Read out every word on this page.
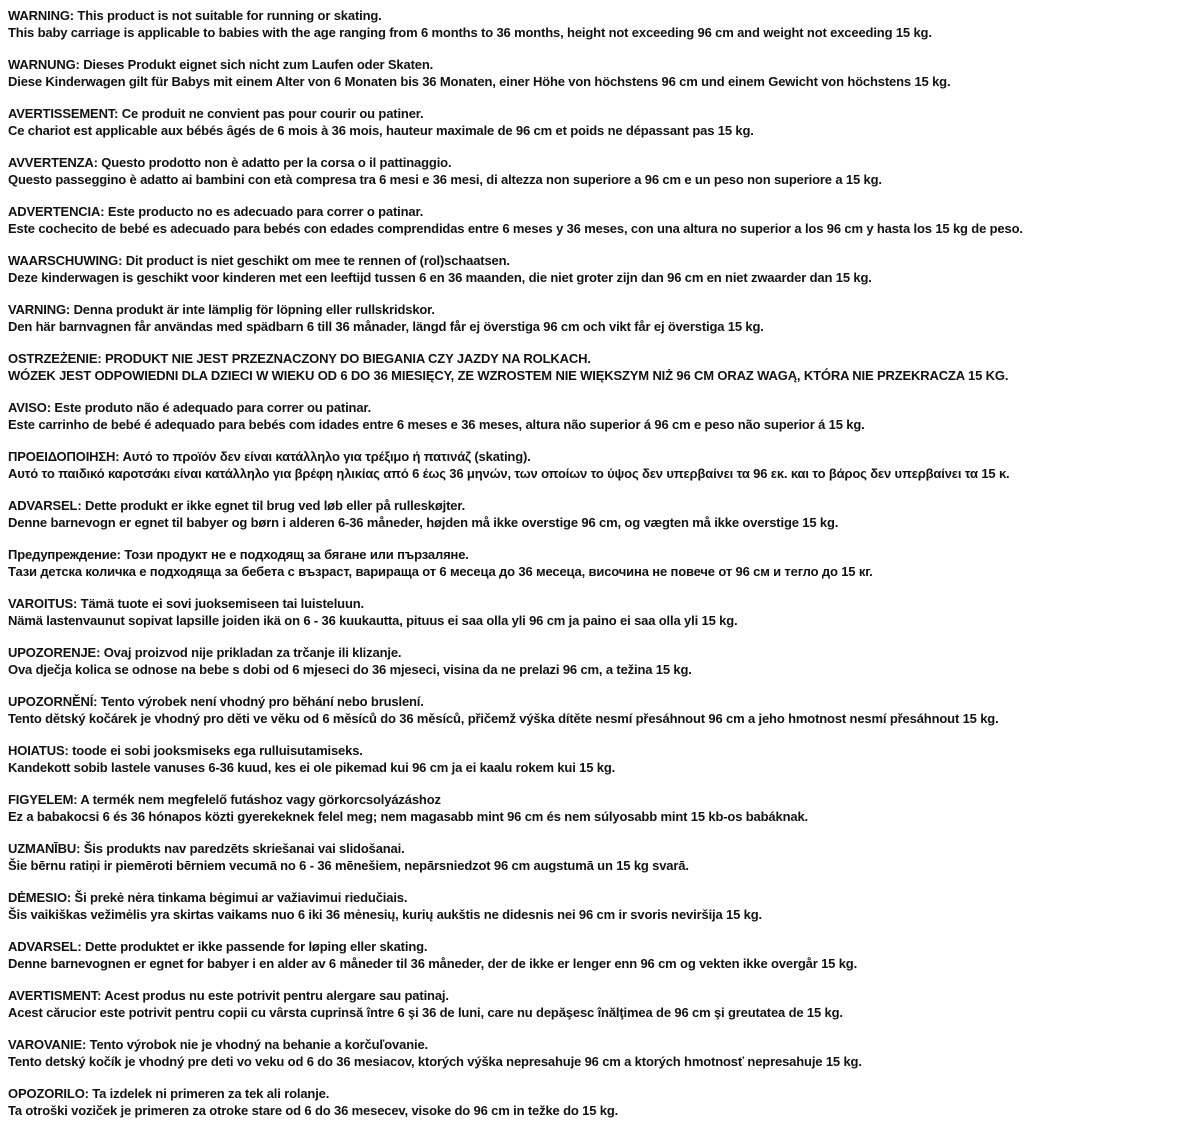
WARNING: This product is not suitable for running or skating.

This baby carriage is applicable to babies with the age ranging from 6 months to 36 months, height not exceeding 96 cm and weight not exceeding 15 kg.

WARNUNG: Dieses Produkt eignet sich nicht zum Laufen oder Skaten.

Diese Kinderwagen gilt für Babys mit einem Alter von 6 Monaten bis 36 Monaten, einer Höhe von höchstens 96 cm und einem Gewicht von höchstens 15 kg.

AVERTISSEMENT: Ce produit ne convient pas pour courir ou patiner.

Ce chariot est applicable aux bébés âgés de 6 mois à 36 mois, hauteur maximale de 96 cm et poids ne dépassant pas 15 kg.

AVVERTENZA: Questo prodotto non è adatto per la corsa o il pattinaggio.

Questo passeggino è adatto ai bambini con età compresa tra 6 mesi e 36 mesi, di altezza non superiore a 96 cm e un peso non superiore a 15 kg.

ADVERTENCIA: Este producto no es adecuado para correr o patinar.

Este cochecito de bebé es adecuado para bebés con edades comprendidas entre 6 meses y 36 meses, con una altura no superior a los 96 cm y hasta los 15 kg de peso.

WAARSCHUWING: Dit product is niet geschikt om mee te rennen of (rol)schaatsen.

Deze kinderwagen is geschikt voor kinderen met een leeftijd tussen 6 en 36 maanden, die niet groter zijn dan 96 cm en niet zwaarder dan 15 kg.

VARNING: Denna produkt är inte lämplig för löpning eller rullskridskor.

Den här barnvagnen får användas med spädbarn 6 till 36 månader, längd får ej överstiga 96 cm och vikt får ej överstiga 15 kg.

OSTRZEŻENIE: PRODUKT NIE JEST PRZEZNACZONY DO BIEGANIA CZY JAZDY NA ROLKACH.

WÓZEK JEST ODPOWIEDNI DLA DZIECI W WIEKU OD 6 DO 36 MIESIĘCY, ZE WZROSTEM NIE WIĘKSZYM NIŻ 96 CM ORAZ WAGĄ, KTÓRA NIE PRZEKRACZA 15 KG.

AVISO: Este produto não é adequado para correr ou patinar.

Este carrinho de bebé é adequado para bebés com idades entre 6 meses e 36 meses, altura não superior á 96 cm e peso não superior á 15 kg.

ΠΡΟΕΙΔΟΠΟΙΗΣΗ: Αυτό το προϊόν δεν είναι κατάλληλο για τρέξιμο ή πατινάζ (skating).

Αυτό το παιδικό καροτσάκι είναι κατάλληλο για βρέφη ηλικίας από 6 έως 36 μηνών, των οποίων το ύψος δεν υπερβαίνει τα 96 εκ. και το βάρος δεν υπερβαίνει τα 15 κ.

ADVARSEL: Dette produkt er ikke egnet til brug ved løb eller på rulleskøjter.

Denne barnevogn er egnet til babyer og børn i alderen 6-36 måneder, højden må ikke overstige 96 cm, og vægten må ikke overstige 15 kg.

Предупреждение: Този продукт не е подходящ за бягане или пързаляне.

Тази детска количка е подходяща за бебета с възраст, варираща от 6 месеца до 36 месеца, височина не повече от 96 см и тегло до 15 кг.

VAROITUS: Tämä tuote ei sovi juoksemiseen tai luisteluun.

Nämä lastenvaunut sopivat lapsille joiden ikä on 6 - 36 kuukautta, pituus ei saa olla yli 96 cm ja paino ei saa olla yli 15 kg.

UPOZORENJE: Ovaj proizvod nije prikladan za trčanje ili klizanje.

Ova dječja kolica se odnose na bebe s dobi od 6 mjeseci do 36 mjeseci, visina da ne prelazi 96 cm, a težina 15 kg.

UPOZORNĚNÍ: Tento výrobek není vhodný pro běhání nebo bruslení.

Tento dětský kočárek je vhodný pro děti ve věku od 6 měsíců do 36 měsíců, přičemž výška dítěte nesmí přesáhnout 96 cm a jeho hmotnost nesmí přesáhnout 15 kg.

HOIATUS: toode ei sobi jooksmiseks ega rulluisutamiseks.

Kandekott sobib lastele vanuses 6-36 kuud, kes ei ole pikemad kui 96 cm ja ei kaalu rokem kui 15 kg.

FIGYELEM: A termék nem megfelelő futáshoz vagy görkorcsolyázáshoz

Ez a babakocsi 6 és 36 hónapos közti gyerekeknek felel meg; nem magasabb mint 96 cm és nem súlyosabb mint 15 kb-os babáknak.

UZMANĪBU: Šis produkts nav paredzēts skriešanai vai slidošanai.

Šie bērnu ratiņi ir piemēroti bērniem vecumā no 6 - 36 mēnešiem, nepārsniedzot 96 cm augstumā un 15 kg svarā.

DĖMESIO: Ši prekė nėra tinkama bėgimui ar važiavimui riedučiais.

Šis vaikiškas vežimėlis yra skirtas vaikams nuo 6 iki 36 mėnesių, kurių aukštis ne didesnis nei 96 cm ir svoris neviršija 15 kg.

ADVARSEL: Dette produktet er ikke passende for løping eller skating.

Denne barnevognen er egnet for babyer i en alder av 6 måneder til 36 måneder, der de ikke er lenger enn 96 cm og vekten ikke overgår 15 kg.

AVERTISMENT: Acest produs nu este potrivit pentru alergare sau patinaj.

Acest cărucior este potrivit pentru copii cu vârsta cuprinsă între 6 şi 36 de luni, care nu depăşesc înălţimea de 96 cm şi greutatea de 15 kg.

VAROVANIE: Tento výrobok nie je vhodný na behanie a korčuľovanie.

Tento detský kočík je vhodný pre deti vo veku od 6 do 36 mesiacov, ktorých výška nepresahuje 96 cm a ktorých hmotnosť nepresahuje 15 kg.

OPOZORILO: Ta izdelek ni primeren za tek ali rolanje.

Ta otroški voziček je primeren za otroke stare od 6 do 36 mesecev, visoke do 96 cm in težke do 15 kg.
